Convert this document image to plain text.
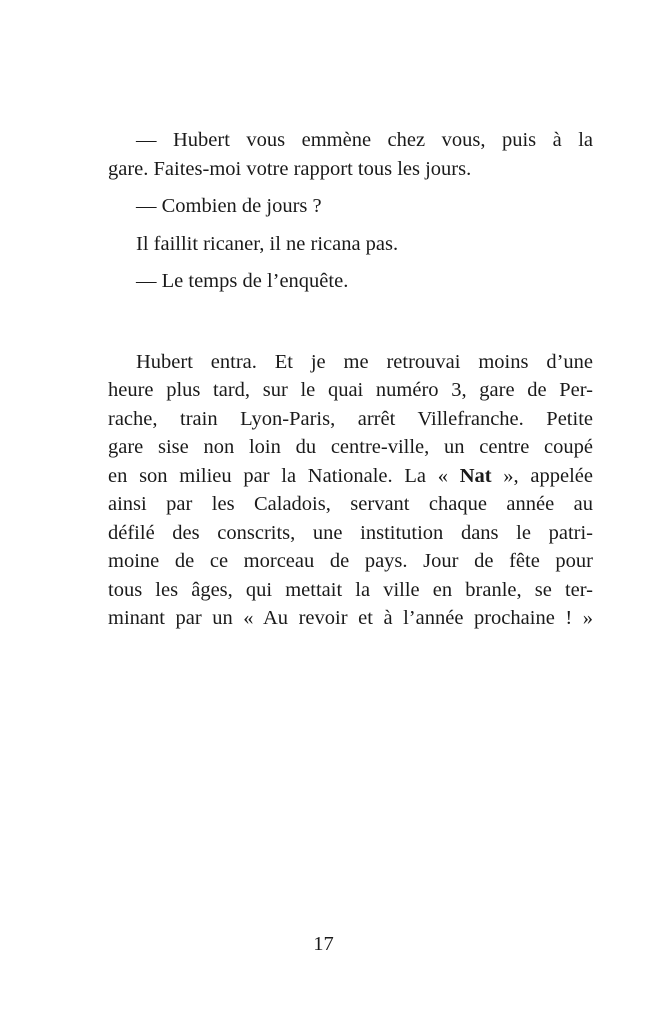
— Hubert vous emmène chez vous, puis à la
gare. Faites-moi votre rapport tous les jours.
— Combien de jours ?
Il faillit ricaner, il ne ricana pas.
— Le temps de l’enquête.
Hubert entra. Et je me retrouvai moins d’une
heure plus tard, sur le quai numéro 3, gare de Per-
rache, train Lyon-Paris, arrêt Villefranche. Petite
gare sise non loin du centre-ville, un centre coupé
en son milieu par la Nationale. La « Nat », appelée
ainsi par les Caladois, servant chaque année au
défilé des conscrits, une institution dans le patri-
moine de ce morceau de pays. Jour de fête pour
tous les âges, qui mettait la ville en branle, se ter-
minant par un « Au revoir et à l’année prochaine ! »
17
